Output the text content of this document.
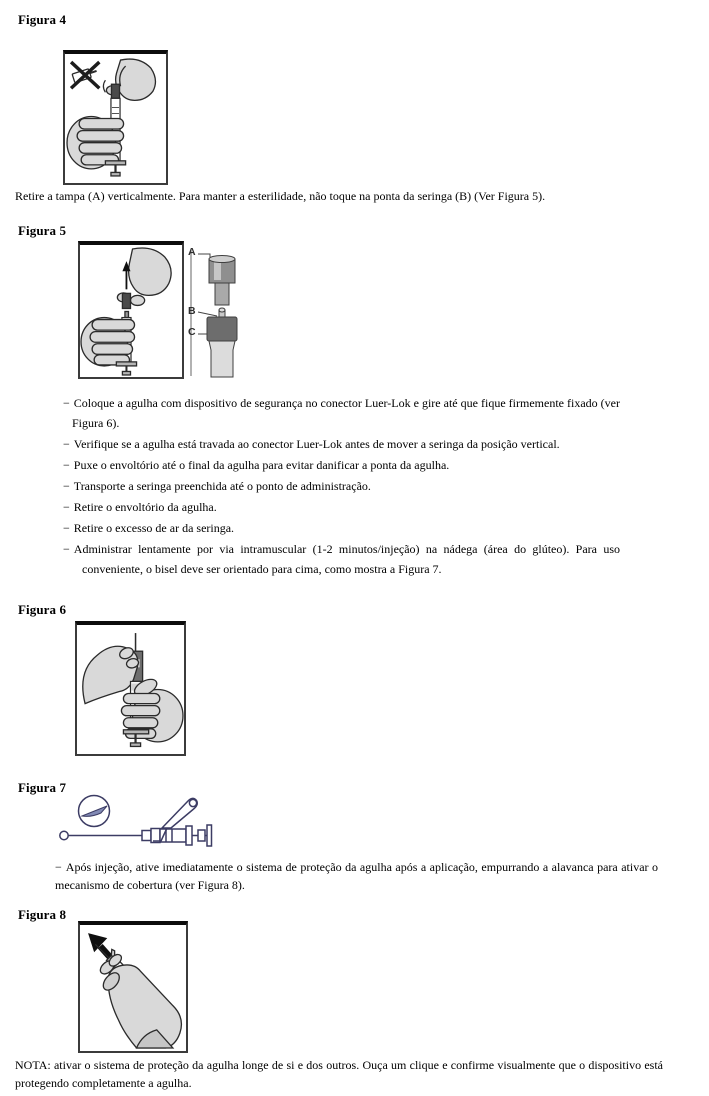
Figura 4
Retire a tampa (A) verticalmente. Para manter a esterilidade, não toque na ponta da seringa (B) (Ver Figura 5).
Figura 5
A
B
C
− Coloque a agulha com dispositivo de segurança no conector Luer-Lok e gire até que fique firmemente fixado (ver Figura 6).
− Verifique se a agulha está travada ao conector Luer-Lok antes de mover a seringa da posição vertical.
− Puxe o envoltório até o final da agulha para evitar danificar a ponta da agulha.
− Transporte a seringa preenchida até o ponto de administração.
− Retire o envoltório da agulha.
− Retire o excesso de ar da seringa.
− Administrar lentamente por via intramuscular (1-2 minutos/injeção) na nádega (área do glúteo). Para uso conveniente, o bisel deve ser orientado para cima, como mostra a Figura 7.
Figura 6
Figura 7
− Após injeção, ative imediatamente o sistema de proteção da agulha após a aplicação, empurrando a alavanca para ativar o mecanismo de cobertura (ver Figura 8).
Figura 8
NOTA: ativar o sistema de proteção da agulha longe de si e dos outros. Ouça um clique e confirme visualmente que o dispositivo está protegendo completamente a agulha.
